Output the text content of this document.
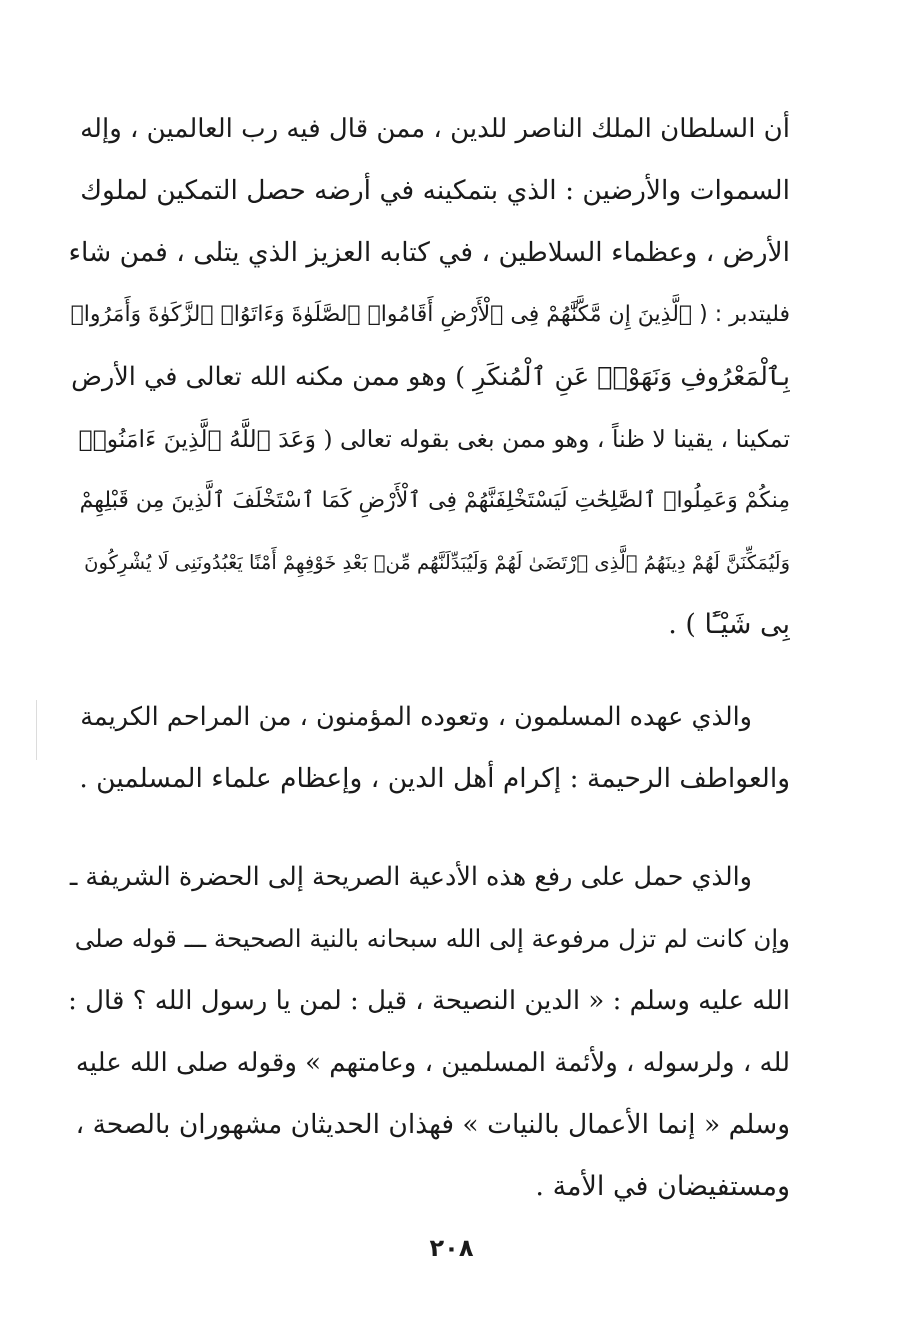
أن السلطان الملك الناصر للدين ، ممن قال فيه رب العالمين ، وإله
السموات والأرضين : الذي بتمكينه في أرضه حصل التمكين لملوك
الأرض ، وعظماء السلاطين ، في كتابه العزيز الذي يتلى ، فمن شاء
فليتدبر : ( ٱلَّذِينَ إِن مَّكَّنَّٰهُمْ فِى ٱلْأَرْضِ أَقَامُوا۟ ٱلصَّلَوٰةَ وَءَاتَوُا۟ ٱلزَّكَوٰةَ وَأَمَرُوا۟
بِٱلْمَعْرُوفِ وَنَهَوْا۟ عَنِ ٱلْمُنكَرِ ) وهو ممن مكنه الله تعالى في الأرض
تمكينا ، يقينا لا ظناً ، وهو ممن بغى بقوله تعالى ( وَعَدَ ٱللَّهُ ٱلَّذِينَ ءَامَنُوا۟
مِنكُمْ وَعَمِلُوا۟ ٱلصَّٰلِحَٰتِ لَيَسْتَخْلِفَنَّهُمْ فِى ٱلْأَرْضِ كَمَا ٱسْتَخْلَفَ ٱلَّذِينَ مِن قَبْلِهِمْ
وَلَيُمَكِّنَنَّ لَهُمْ دِينَهُمُ ٱلَّذِى ٱرْتَضَىٰ لَهُمْ وَلَيُبَدِّلَنَّهُم مِّنۢ بَعْدِ خَوْفِهِمْ أَمْنًا يَعْبُدُونَنِى لَا يُشْرِكُونَ
بِى شَيْـًٔا ) .
والذي عهده المسلمون ، وتعوده المؤمنون ، من المراحم الكريمة
والعواطف الرحيمة : إكرام أهل الدين ، وإعظام علماء المسلمين .
والذي حمل على رفع هذه الأدعية الصريحة إلى الحضرة الشريفة ـ
وإن كانت لم تزل مرفوعة إلى الله سبحانه بالنية الصحيحة ـــ قوله صلى
الله عليه وسلم : « الدين النصيحة ، قيل : لمن يا رسول الله ؟ قال :
لله ، ولرسوله ، ولأئمة المسلمين ، وعامتهم » وقوله صلى الله عليه
وسلم « إنما الأعمال بالنيات » فهذان الحديثان مشهوران بالصحة ،
ومستفيضان في الأمة .
٢٠٨
